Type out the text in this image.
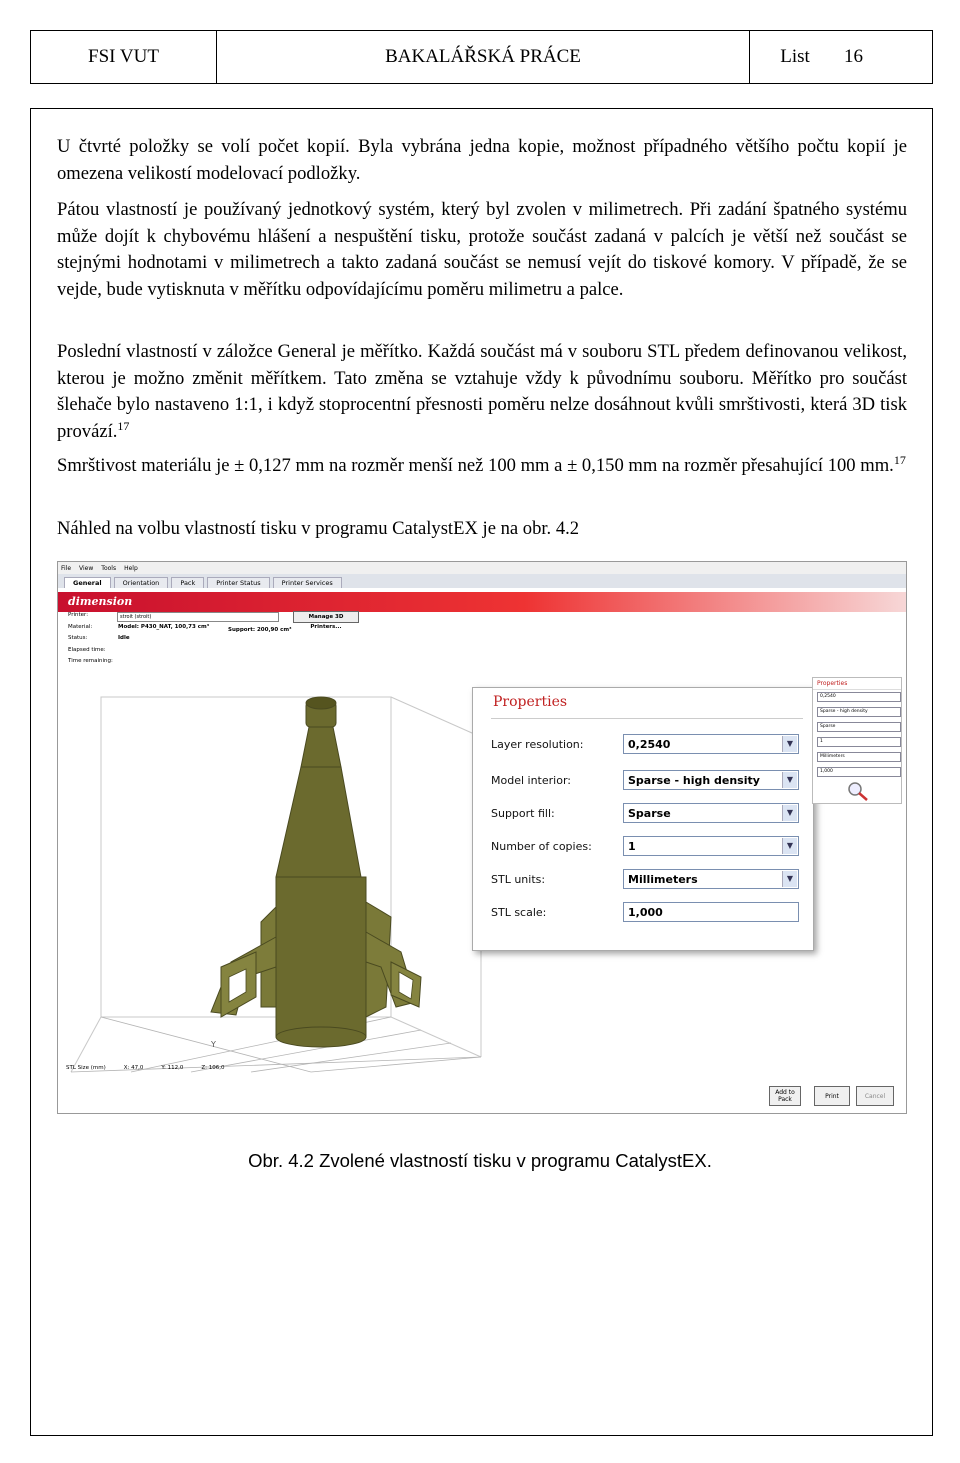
FSI VUT	BAKALÁŘSKÁ PRÁCE	List	16

U čtvrté položky se volí počet kopií. Byla vybrána jedna kopie, možnost případného většího počtu kopií je omezena velikostí modelovací podložky.

Pátou vlastností je používaný jednotkový systém, který byl zvolen v milimetrech. Při zadání špatného systému může dojít k chybovému hlášení a nespuštění tisku, protože součást zadaná v palcích je větší než součást se stejnými hodnotami v milimetrech a takto zadaná součást se nemusí vejít do tiskové komory. V případě, že se vejde, bude vytisknuta v měřítku odpovídajícímu poměru milimetru a palce.

Poslední vlastností v záložce General je měřítko. Každá součást má v souboru STL předem definovanou velikost, kterou je možno změnit měřítkem. Tato změna se vztahuje vždy k původnímu souboru. Měřítko pro součást šlehače bylo nastaveno 1:1, i když stoprocentní přesnosti poměru nelze dosáhnout kvůli smrštivosti, která 3D tisk provází.$^{17}$

Smrštivost materiálu je ± 0,127 mm na rozměr menší než 100 mm a ± 0,150 mm na rozměr přesahující 100 mm.$^{17}$

Náhled na volbu vlastností tisku v programu CatalystEX je na obr. 4.2

File View Tools Help
General	Orientation	Pack	Printer Status	Printer Services
dimension
Printer:
Material:	Model: P430_NAT, 100,73 cm³
Status:	Idle
Elapsed time:
Time remaining:
stroit (stroit)	Manage 3D Printers...
Support: 200,90 cm³
Y
Properties
Layer resolution:	0,2540	▼
Model interior:	Sparse - high density	▼
Support fill:	Sparse	▼
Number of copies:	1	▼
STL units:	Millimeters	▼
STL scale:	1,000
Properties
0,2540
Sparse - high density
Sparse
1
Millimeters
1,000
STL Size (mm)	X: 47,0	Y: 112,0	Z: 106,0
Add to Pack	Print	Cancel
Obr. 4.2 Zvolené vlastností tisku v programu CatalystEX.
